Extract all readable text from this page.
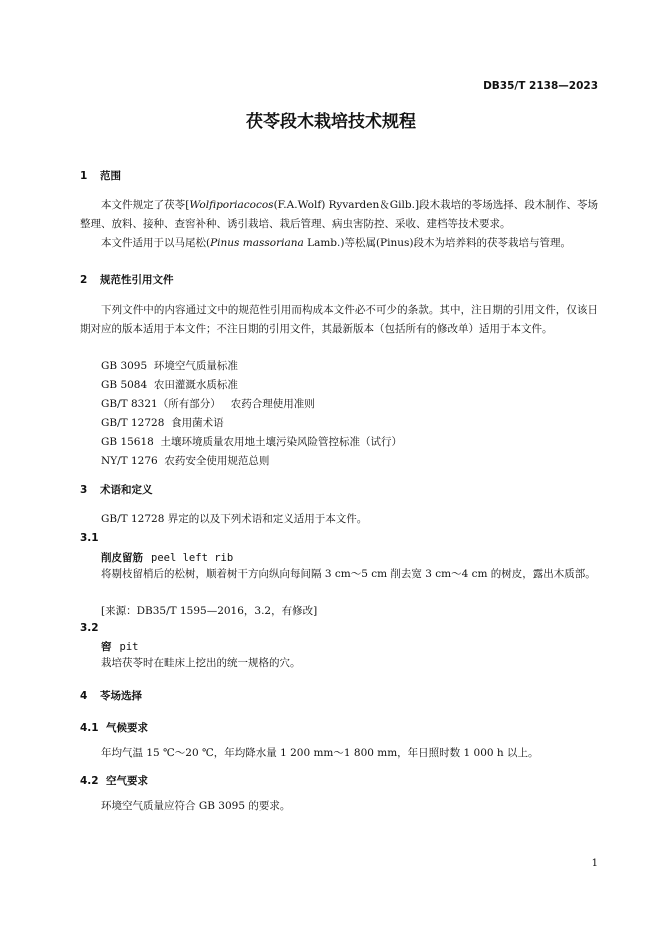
DB35/T 2138—2023
茯苓段木栽培技术规程
1 范围
本文件规定了茯苓[Wolfiporiacocos(F.A.Wolf) Ryvarden＆Gilb.]段木栽培的苓场选择、段木制作、苓场整理、放料、接种、查窖补种、诱引栽培、栽后管理、病虫害防控、采收、建档等技术要求。
本文件适用于以马尾松(Pinus massoriana Lamb.)等松属(Pinus)段木为培养料的茯苓栽培与管理。
2 规范性引用文件
下列文件中的内容通过文中的规范性引用而构成本文件必不可少的条款。其中，注日期的引用文件，仅该日期对应的版本适用于本文件；不注日期的引用文件，其最新版本（包括所有的修改单）适用于本文件。
GB 3095 环境空气质量标准
GB 5084 农田灌溉水质标准
GB/T 8321（所有部分） 农药合理使用准则
GB/T 12728 食用菌术语
GB 15618 土壤环境质量农用地土壤污染风险管控标准（试行）
NY/T 1276 农药安全使用规范总则
3 术语和定义
GB/T 12728 界定的以及下列术语和定义适用于本文件。
3.1
削皮留筋 peel left rib
将剔枝留梢后的松树，顺着树干方向纵向每间隔 3 cm～5 cm 削去宽 3 cm～4 cm 的树皮，露出木质部。
[来源：DB35/T 1595—2016，3.2，有修改]
3.2
窖 pit
栽培茯苓时在畦床上挖出的统一规格的穴。
4 苓场选择
4.1 气候要求
年均气温 15 ℃～20 ℃，年均降水量 1 200 mm～1 800 mm，年日照时数 1 000 h 以上。
4.2 空气要求
环境空气质量应符合 GB 3095 的要求。
1
